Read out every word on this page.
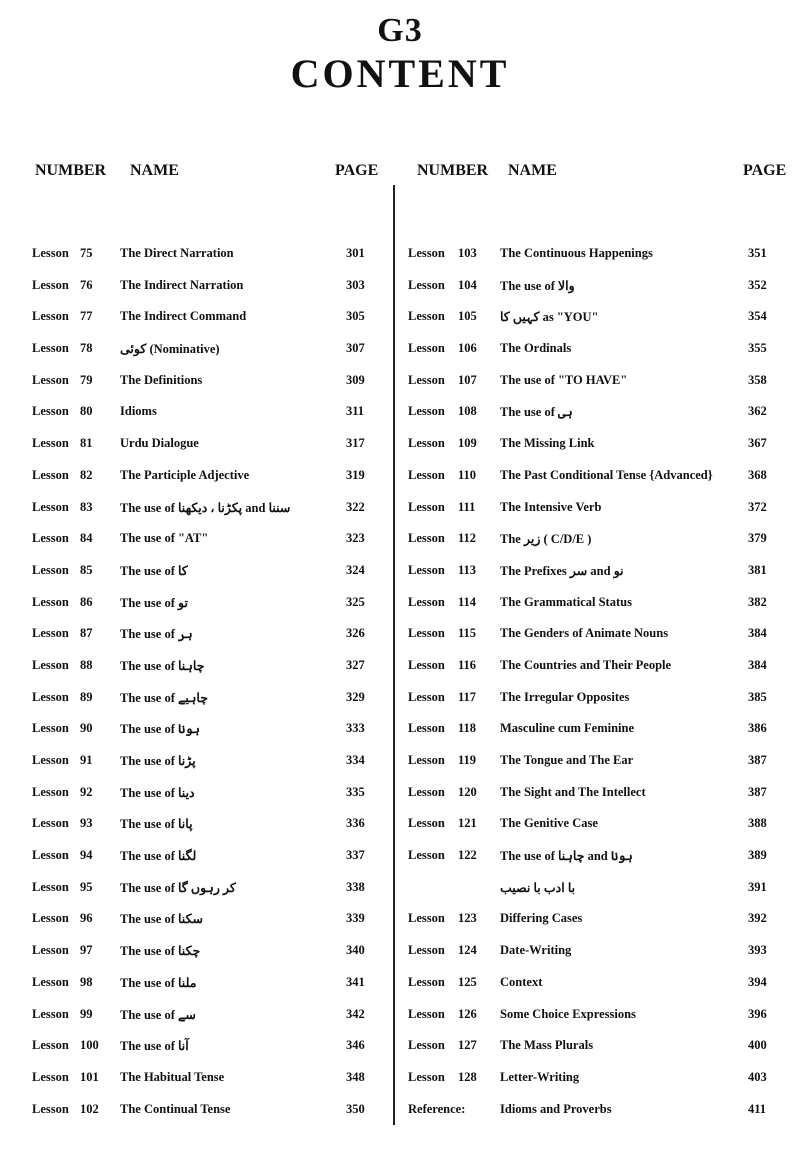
G3
CONTENT
NUMBER NAME	PAGE NUMBER NAME	PAGE
Lesson 75 The Direct Narration	301
Lesson 76 The Indirect Narration	303
Lesson 77 The Indirect Command	305
Lesson 78 کوئی (Nominative)	307
Lesson 79 The Definitions	309
Lesson 80 Idioms	311
Lesson 81 Urdu Dialogue	317
Lesson 82 The Participle Adjective	319
Lesson 83 The use of پکڑنا ، دیکھنا and سننا	322
Lesson 84 The use of "AT"	323
Lesson 85 The use of کا	324
Lesson 86 The use of تو	325
Lesson 87 The use of ہر	326
Lesson 88 The use of چاہنا	327
Lesson 89 The use of چاہیے	329
Lesson 90 The use of ہونا	333
Lesson 91 The use of پڑنا	334
Lesson 92 The use of دینا	335
Lesson 93 The use of پانا	336
Lesson 94 The use of لگنا	337
Lesson 95 The use of کر رہوں گا	338
Lesson 96 The use of سکنا	339
Lesson 97 The use of چکنا	340
Lesson 98 The use of ملنا	341
Lesson 99 The use of سے	342
Lesson 100 The use of آنا	346
Lesson 101 The Habitual Tense	348
Lesson 102 The Continual Tense	350
Lesson 103 The Continuous Happenings	351
Lesson 104 The use of والا	352
Lesson 105 کہیں کا as "YOU"	354
Lesson 106 The Ordinals	355
Lesson 107 The use of "TO HAVE"	358
Lesson 108 The use of ہی	362
Lesson 109 The Missing Link	367
Lesson 110 The Past Conditional Tense {Advanced}	368
Lesson 111 The Intensive Verb	372
Lesson 112 The زیر ( C/D/E )	379
Lesson 113 The Prefixes سر and نو	381
Lesson 114 The Grammatical Status	382
Lesson 115 The Genders of Animate Nouns	384
Lesson 116 The Countries and Their People	384
Lesson 117 The Irregular Opposites	385
Lesson 118 Masculine cum Feminine	386
Lesson 119 The Tongue and The Ear	387
Lesson 120 The Sight and The Intellect	387
Lesson 121 The Genitive Case	388
Lesson 122 The use of چاہنا and ہونا	389
با ادب با نصیب	391
Lesson 123 Differing Cases	392
Lesson 124 Date-Writing	393
Lesson 125 Context	394
Lesson 126 Some Choice Expressions	396
Lesson 127 The Mass Plurals	400
Lesson 128 Letter-Writing	403
Reference:	Idioms and Proverbs	411
